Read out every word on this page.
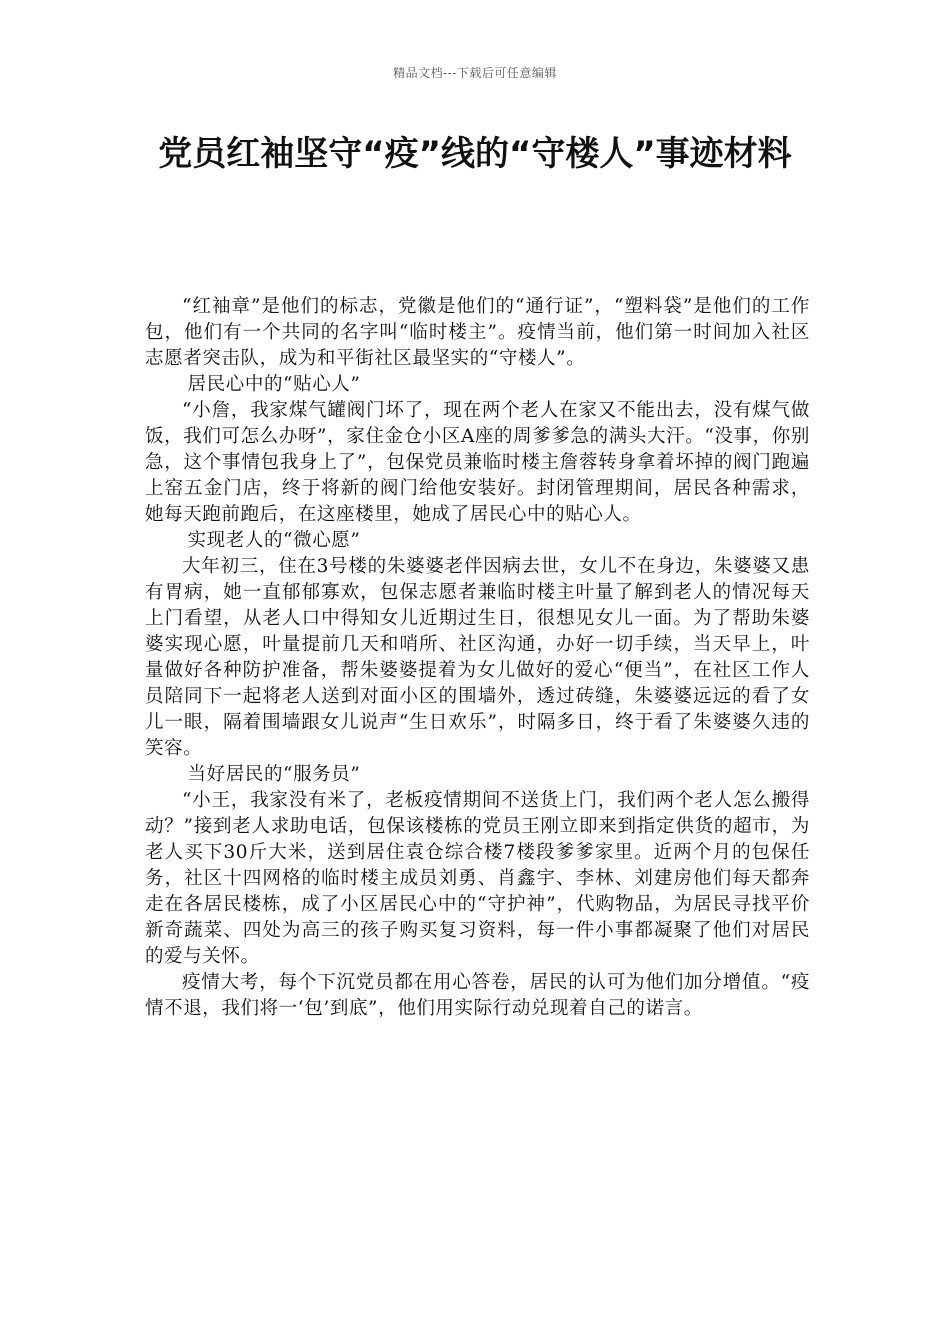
精品文档---下载后可任意编辑
党员红袖坚守“疫”线的“守楼人”事迹材料

“红袖章”是他们的标志，党徽是他们的“通行证”，“塑料袋”是他们的工作包，他们有一个共同的名字叫“临时楼主”。疫情当前，他们第一时间加入社区志愿者突击队，成为和平街社区最坚实的“守楼人”。

居民心中的“贴心人”

“小詹，我家煤气罐阀门坏了，现在两个老人在家又不能出去，没有煤气做饭，我们可怎么办呀”，家住金仓小区A座的周爹爹急的满头大汗。“没事，你别急，这个事情包我身上了”，包保党员兼临时楼主詹蓉转身拿着坏掉的阀门跑遍上窑五金门店，终于将新的阀门给他安装好。封闭管理期间，居民各种需求，她每天跑前跑后，在这座楼里，她成了居民心中的贴心人。

实现老人的“微心愿”

大年初三，住在3号楼的朱婆婆老伴因病去世，女儿不在身边，朱婆婆又患有胃病，她一直郁郁寡欢，包保志愿者兼临时楼主叶量了解到老人的情况每天上门看望，从老人口中得知女儿近期过生日，很想见女儿一面。为了帮助朱婆婆实现心愿，叶量提前几天和哨所、社区沟通，办好一切手续，当天早上，叶量做好各种防护准备，帮朱婆婆提着为女儿做好的爱心“便当”，在社区工作人员陪同下一起将老人送到对面小区的围墙外，透过砖缝，朱婆婆远远的看了女儿一眼，隔着围墙跟女儿说声“生日欢乐”，时隔多日，终于看了朱婆婆久违的笑容。

当好居民的“服务员”

“小王，我家没有米了，老板疫情期间不送货上门，我们两个老人怎么搬得动？”接到老人求助电话，包保该楼栋的党员王刚立即来到指定供货的超市，为老人买下30斤大米，送到居住袁仓综合楼7楼段爹爹家里。近两个月的包保任务，社区十四网格的临时楼主成员刘勇、肖鑫宇、李林、刘建房他们每天都奔走在各居民楼栋，成了小区居民心中的“守护神”，代购物品，为居民寻找平价新奇蔬菜、四处为高三的孩子购买复习资料，每一件小事都凝聚了他们对居民的爱与关怀。

疫情大考，每个下沉党员都在用心答卷，居民的认可为他们加分增值。“疫情不退，我们将一‘包’到底”，他们用实际行动兑现着自己的诺言。
